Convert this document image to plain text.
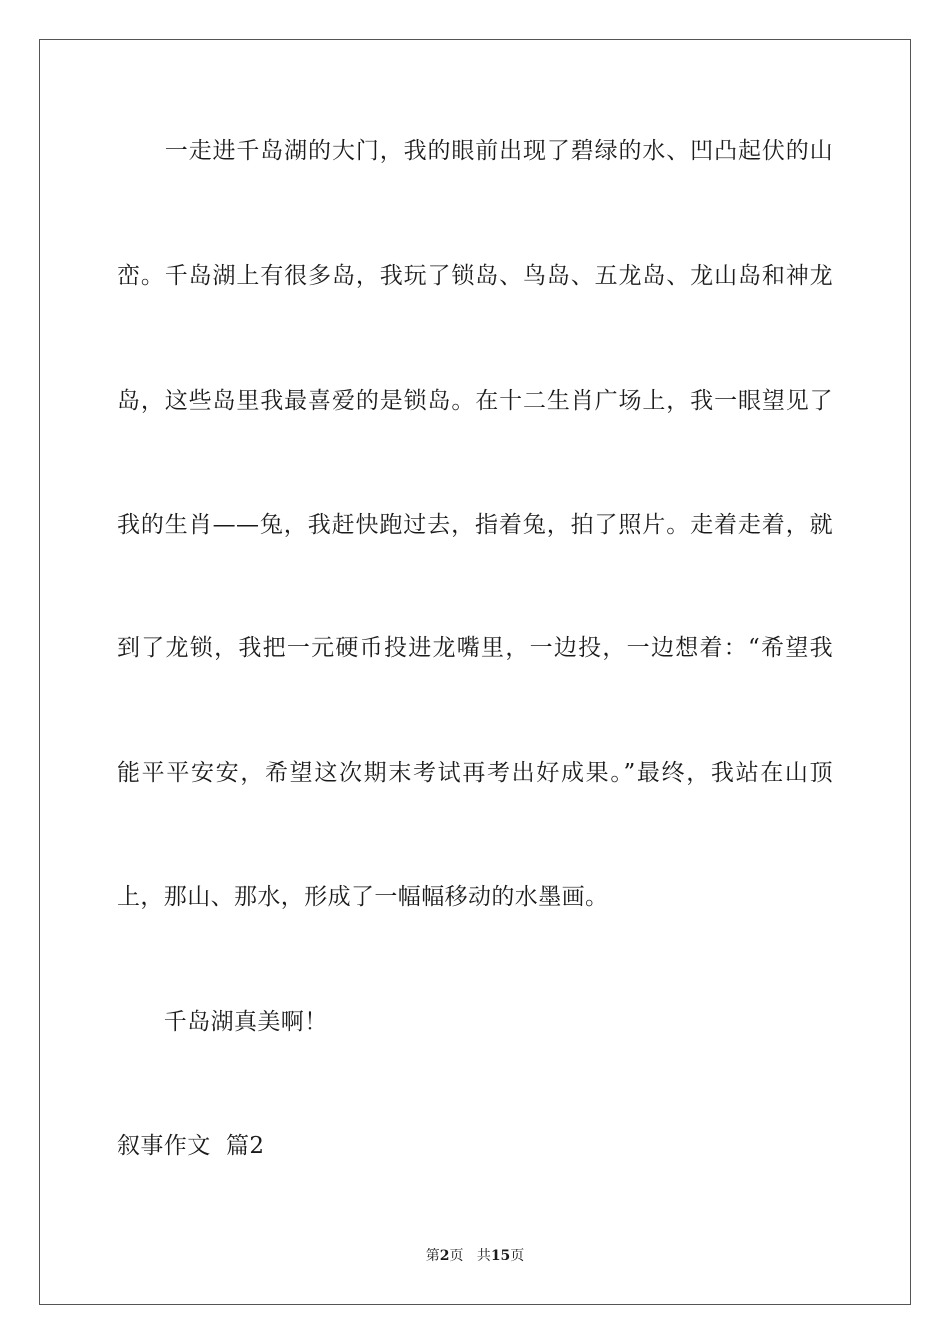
　　一走进千岛湖的大门，我的眼前出现了碧绿的水、凹凸起伏的山
峦。千岛湖上有很多岛，我玩了锁岛、鸟岛、五龙岛、龙山岛和神龙
岛，这些岛里我最喜爱的是锁岛。在十二生肖广场上，我一眼望见了
我的生肖——兔，我赶快跑过去，指着兔，拍了照片。走着走着，就
到了龙锁，我把一元硬币投进龙嘴里，一边投，一边想着：“希望我
能平平安安，希望这次期末考试再考出好成果。”最终，我站在山顶
上，那山、那水，形成了一幅幅移动的水墨画。
　　千岛湖真美啊！
叙事作文  篇2
第2页 共15页
